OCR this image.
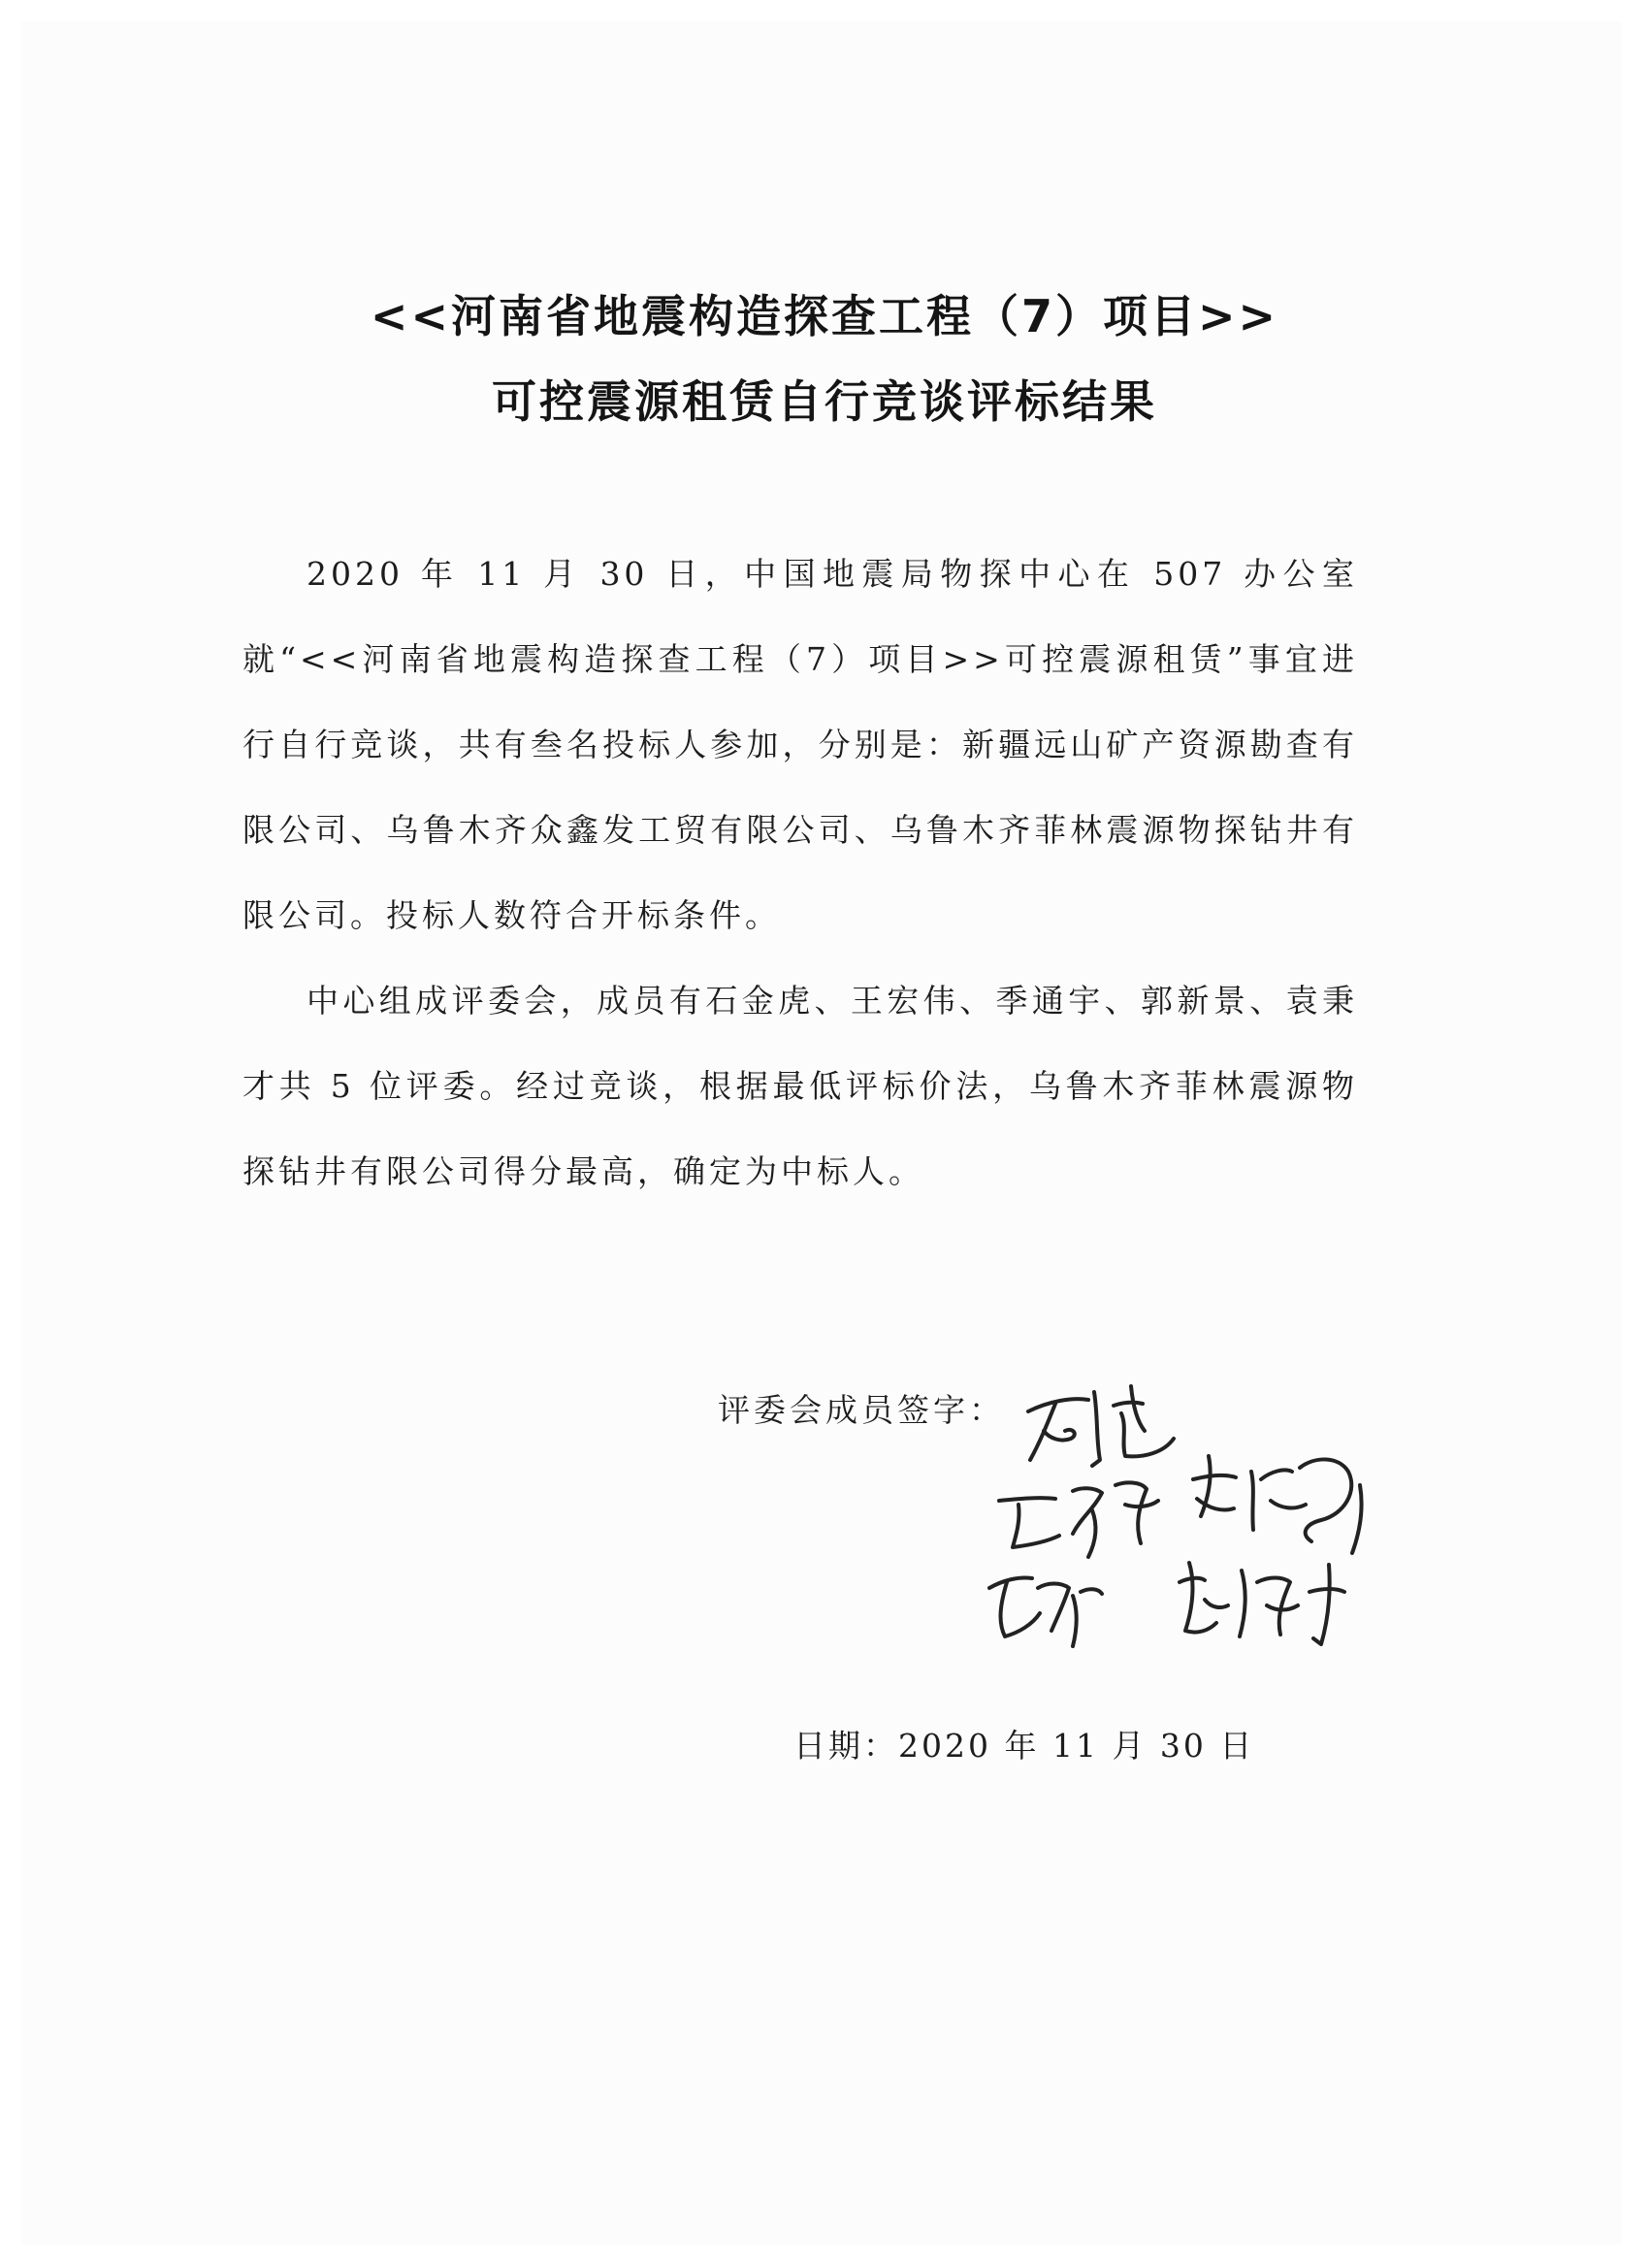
<<河南省地震构造探查工程（7）项目>>
可控震源租赁自行竞谈评标结果

2020 年 11 月 30 日，中国地震局物探中心在 507 办公室就“<<河南省地震构造探查工程（7）项目>>可控震源租赁”事宜进行自行竞谈，共有叁名投标人参加，分别是：新疆远山矿产资源勘查有限公司、乌鲁木齐众鑫发工贸有限公司、乌鲁木齐菲林震源物探钻井有限公司。投标人数符合开标条件。

中心组成评委会，成员有石金虎、王宏伟、季通宇、郭新景、袁秉才共 5 位评委。经过竞谈，根据最低评标价法，乌鲁木齐菲林震源物探钻井有限公司得分最高，确定为中标人。

评委会成员签字：
日期：2020 年 11 月 30 日
